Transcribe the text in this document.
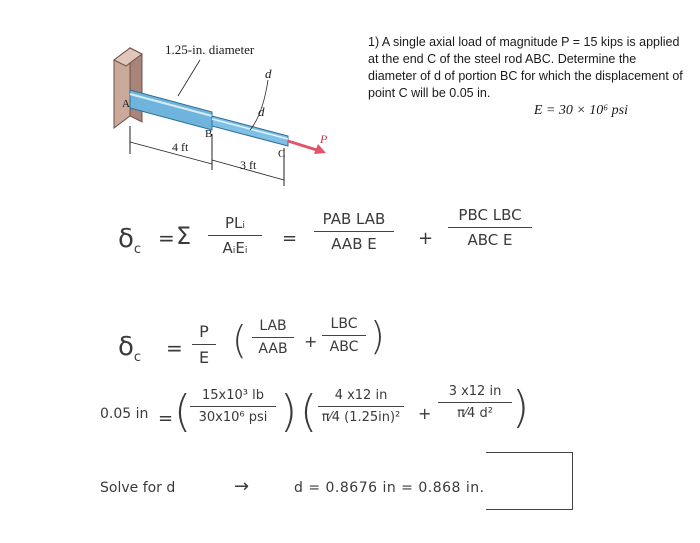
1.25-in. diameter
d
d
A
B
C
P
4 ft
3 ft

1) A single axial load of magnitude P = 15 kips is applied at the end C of the steel rod ABC. Determine the diameter of d of portion BC for which the displacement of point C will be 0.05 in.

E = 30 × 10⁶ psi

$\delta_c = \Sigma$	PLᵢ
AᵢEᵢ	=
PAB LAB
AAB E	+
PBC LBC
ABC E
$\delta_c$ =
P
E ( LAB
AAB	+
LBC
ABC )
0.05 in = ( 15x10³ lb
30x10⁶ psi ) (	4 x12 in
π⁄4 (1.25in)² +
3 x12 in
π⁄4 d² )
Solve for d	→	d = 0.8676 in = 0.868 in.
